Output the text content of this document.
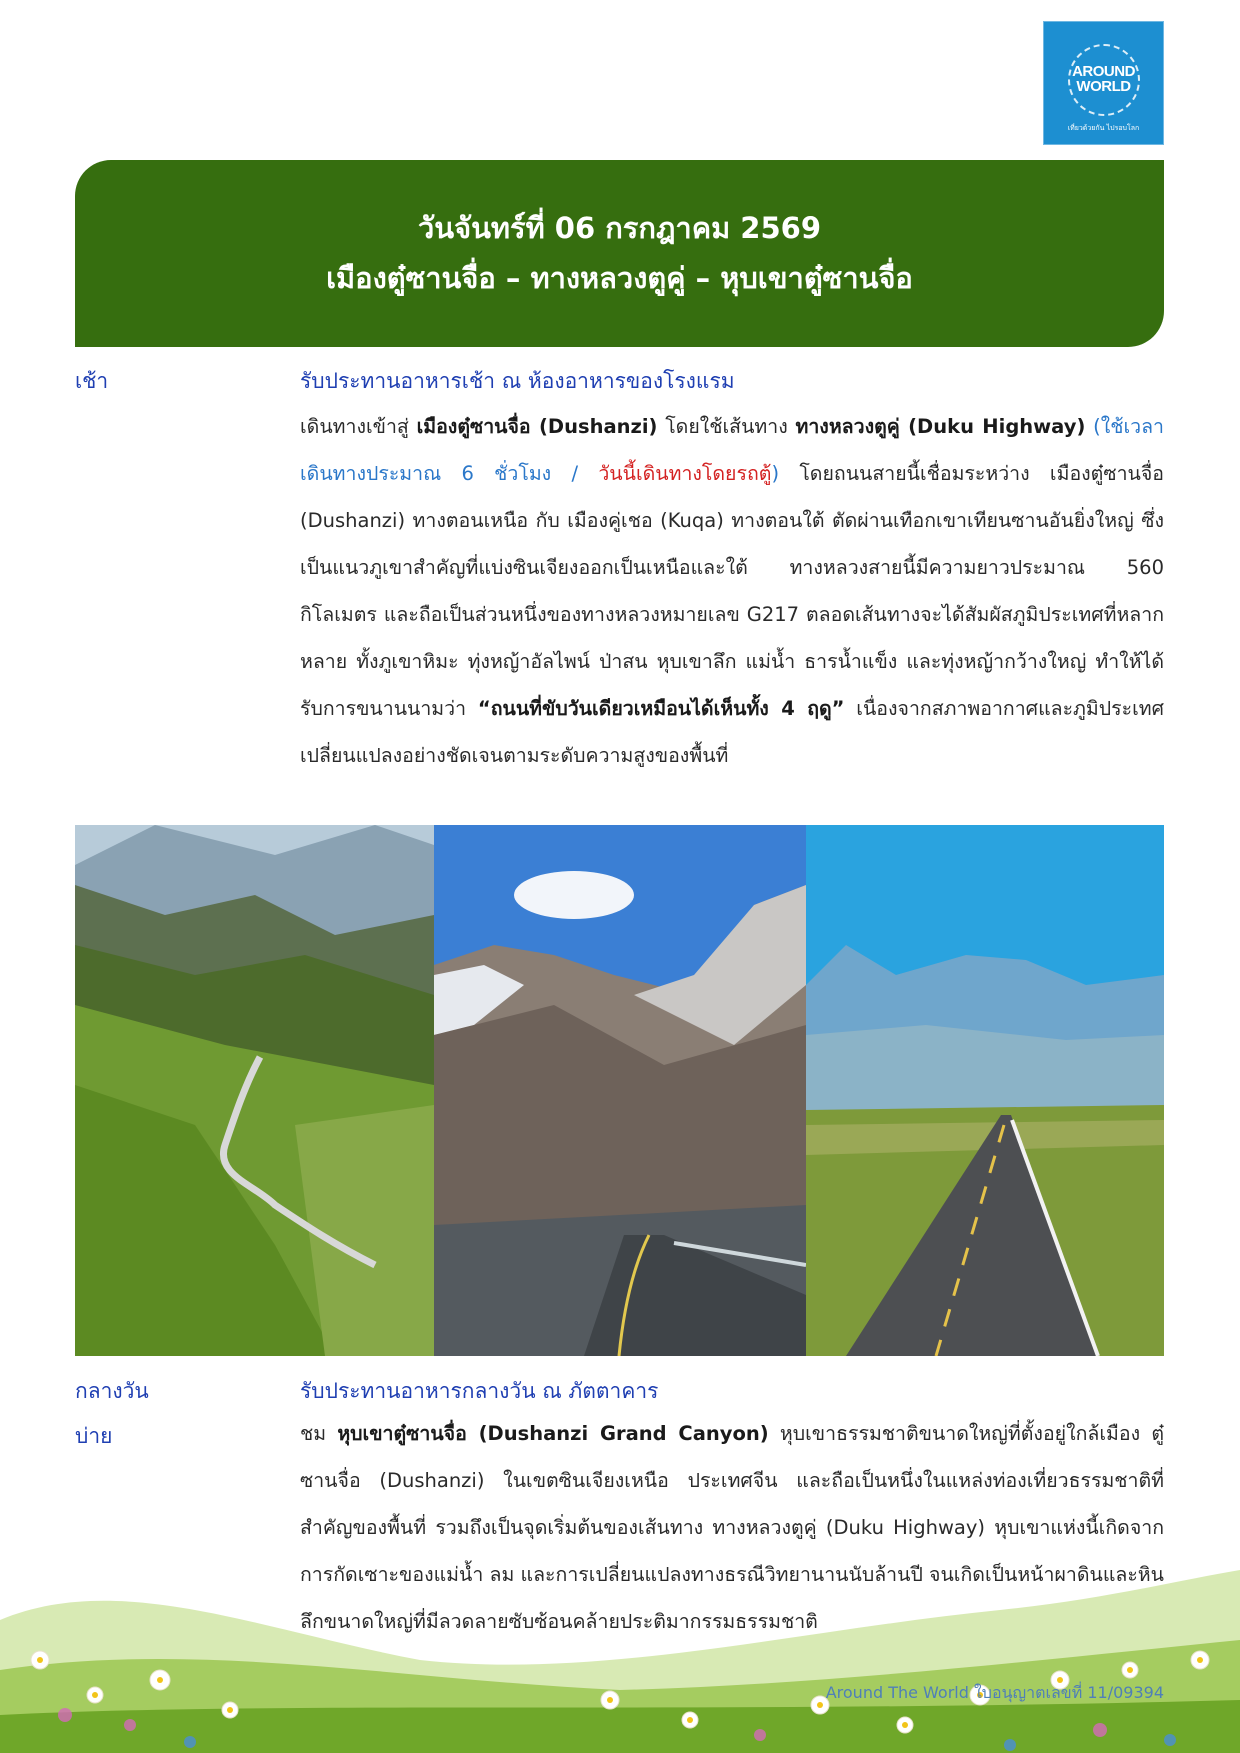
AROUND
WORLD
เที่ยวด้วยกัน ไปรอบโลก
วันจันทร์ที่ 06 กรกฎาคม 2569
เมืองตู๋ซานจื่อ – ทางหลวงตูคู่ – หุบเขาตู๋ซานจื่อ
เช้า	รับประทานอาหารเช้า ณ ห้องอาหารของโรงแรม
เดินทางเข้าสู่ เมืองตู๋ซานจื่อ (Dushanzi) โดยใช้เส้นทาง ทางหลวงตูคู่ (Duku Highway) (ใช้เวลาเดินทางประมาณ 6 ชั่วโมง / วันนี้เดินทางโดยรถตู้) โดยถนนสายนี้เชื่อมระหว่าง เมืองตู๋ซานจื่อ (Dushanzi) ทางตอนเหนือ กับ เมืองคู่เชอ (Kuqa) ทางตอนใต้ ตัดผ่านเทือกเขาเทียนซานอันยิ่งใหญ่ ซึ่งเป็นแนวภูเขาสำคัญที่แบ่งซินเจียงออกเป็นเหนือและใต้ ทางหลวงสายนี้มีความยาวประมาณ 560 กิโลเมตร และถือเป็นส่วนหนึ่งของทางหลวงหมายเลข G217 ตลอดเส้นทางจะได้สัมผัสภูมิประเทศที่หลากหลาย ทั้งภูเขาหิมะ ทุ่งหญ้าอัลไพน์ ป่าสน หุบเขาลึก แม่น้ำ ธารน้ำแข็ง และทุ่งหญ้ากว้างใหญ่ ทำให้ได้รับการขนานนามว่า “ถนนที่ขับวันเดียวเหมือนได้เห็นทั้ง 4 ฤดู” เนื่องจากสภาพอากาศและภูมิประเทศเปลี่ยนแปลงอย่างชัดเจนตามระดับความสูงของพื้นที่
กลางวัน	รับประทานอาหารกลางวัน ณ ภัตตาคาร
บ่าย	ชม หุบเขาตู๋ซานจื่อ (Dushanzi Grand Canyon) หุบเขาธรรมชาติขนาดใหญ่ที่ตั้งอยู่ใกล้เมือง ตู๋ซานจื่อ (Dushanzi) ในเขตซินเจียงเหนือ ประเทศจีน และถือเป็นหนึ่งในแหล่งท่องเที่ยวธรรมชาติที่สำคัญของพื้นที่ รวมถึงเป็นจุดเริ่มต้นของเส้นทาง ทางหลวงตูคู่ (Duku Highway) หุบเขาแห่งนี้เกิดจากการกัดเซาะของแม่น้ำ ลม และการเปลี่ยนแปลงทางธรณีวิทยานานนับล้านปี จนเกิดเป็นหน้าผาดินและหินลึกขนาดใหญ่ที่มีลวดลายซับซ้อนคล้ายประติมากรรมธรรมชาติ
Around The World ใบอนุญาตเลขที่ 11/09394
